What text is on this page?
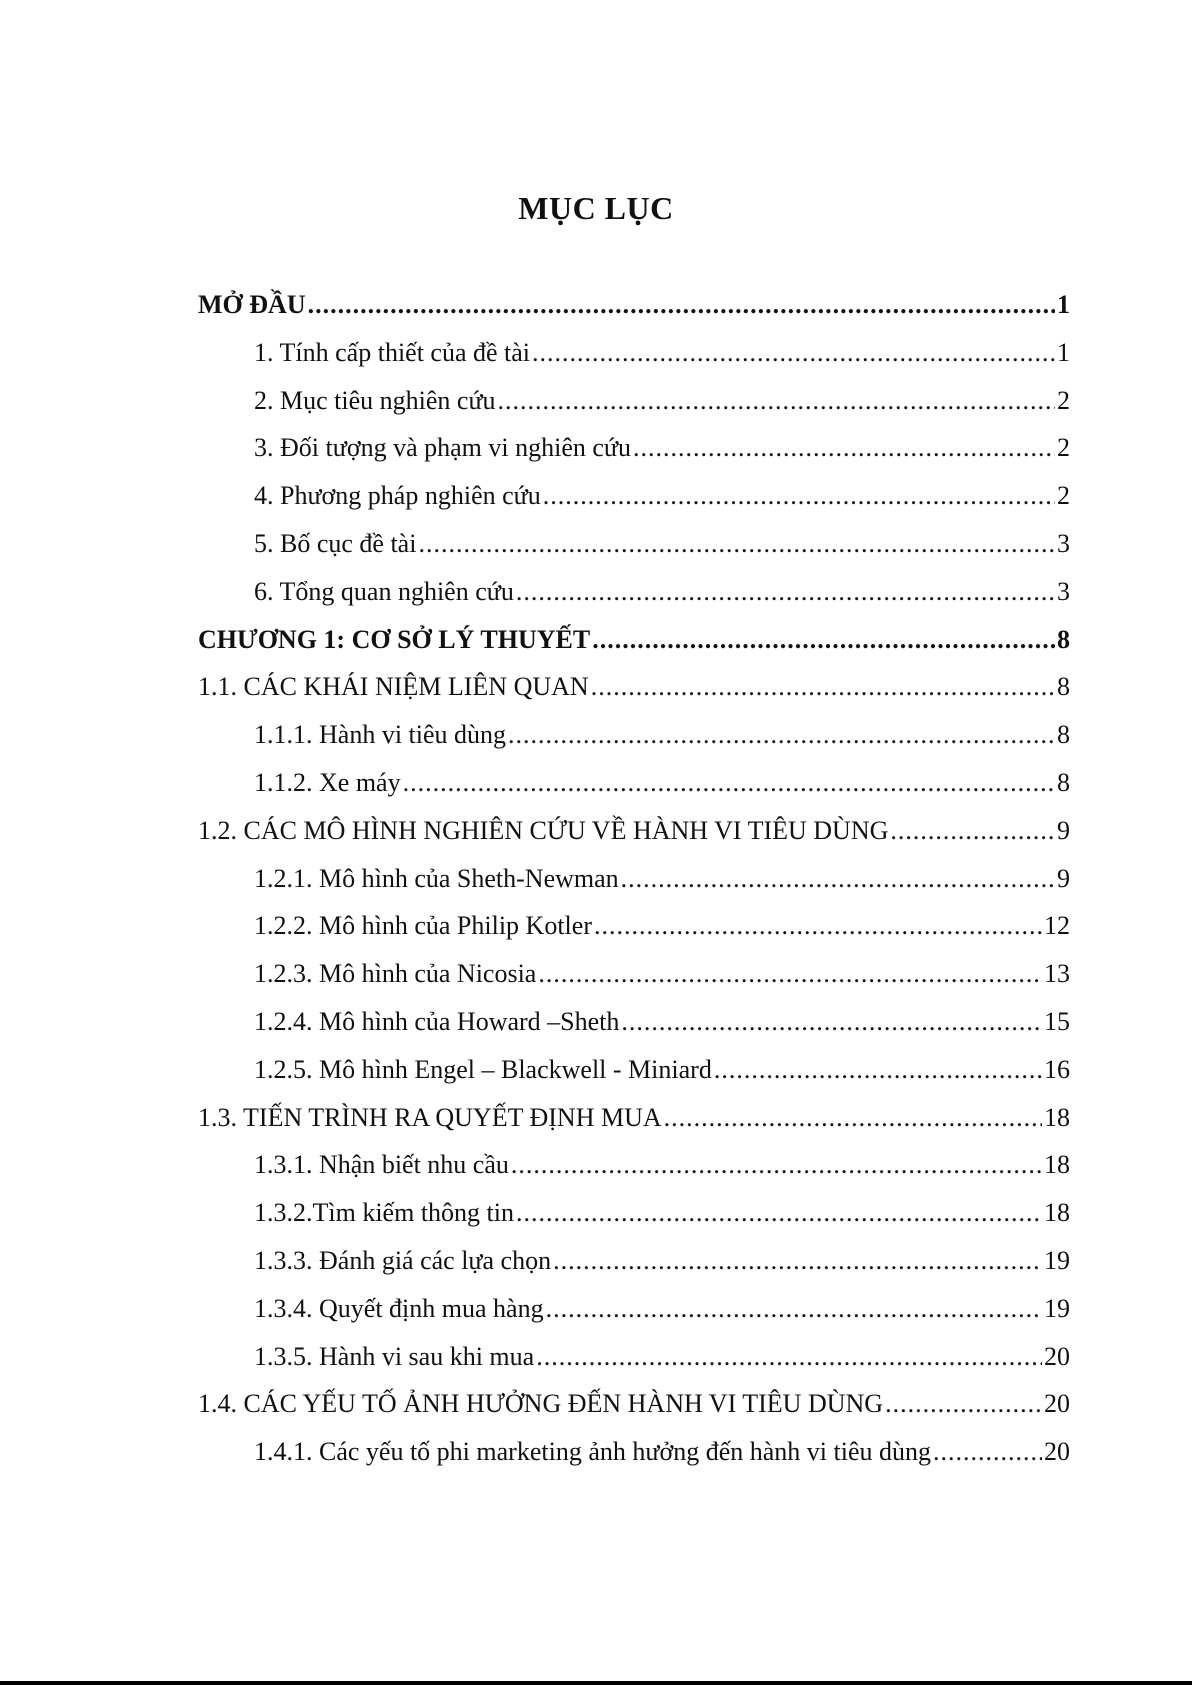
MỤC LỤC
MỞ ĐẦU .....	1
1. Tính cấp thiết của đề tài .....	1
2. Mục tiêu nghiên cứu .....	2
3. Đối tượng và phạm vi nghiên cứu .....	2
4. Phương pháp nghiên cứu .....	2
5. Bố cục đề tài .....	3
6. Tổng quan nghiên cứu .....	3
CHƯƠNG 1: CƠ SỞ LÝ THUYẾT .....	8
1.1. CÁC KHÁI NIỆM LIÊN QUAN .....	8
1.1.1. Hành vi tiêu dùng .....	8
1.1.2. Xe máy .....	8
1.2. CÁC MÔ HÌNH NGHIÊN CỨU VỀ HÀNH VI TIÊU DÙNG .....	9
1.2.1. Mô hình của Sheth-Newman .....	9
1.2.2. Mô hình của Philip Kotler .....	12
1.2.3. Mô hình của Nicosia .....	13
1.2.4. Mô hình của Howard –Sheth .....	15
1.2.5. Mô hình Engel – Blackwell - Miniard .....	16
1.3. TIẾN TRÌNH RA QUYẾT ĐỊNH MUA .....	18
1.3.1. Nhận biết nhu cầu .....	18
1.3.2.Tìm kiếm thông tin .....	18
1.3.3. Đánh giá các lựa chọn .....	19
1.3.4. Quyết định mua hàng .....	19
1.3.5. Hành vi sau khi mua .....	20
1.4. CÁC YẾU TỐ ẢNH HƯỞNG ĐẾN HÀNH VI TIÊU DÙNG .....	20
1.4.1. Các yếu tố phi marketing ảnh hưởng đến hành vi tiêu dùng .....	20
